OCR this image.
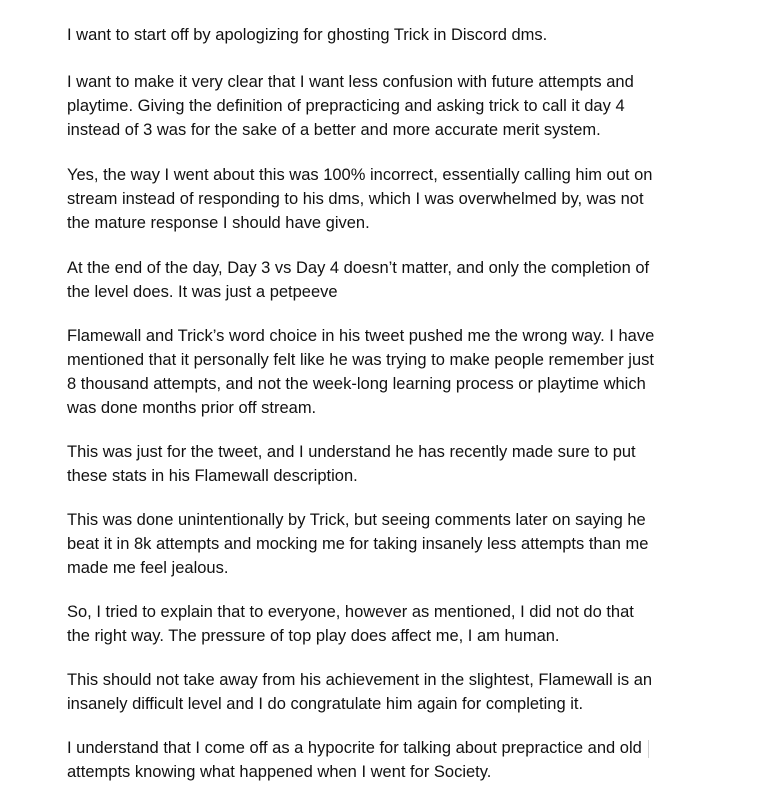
I want to start off by apologizing for ghosting Trick in Discord dms.

I want to make it very clear that I want less confusion with future attempts and
playtime. Giving the definition of prepracticing and asking trick to call it day 4
instead of 3 was for the sake of a better and more accurate merit system.

Yes, the way I went about this was 100% incorrect, essentially calling him out on
stream instead of responding to his dms, which I was overwhelmed by, was not
the mature response I should have given.

At the end of the day, Day 3 vs Day 4 doesn’t matter, and only the completion of
the level does. It was just a petpeeve

Flamewall and Trick’s word choice in his tweet pushed me the wrong way. I have
mentioned that it personally felt like he was trying to make people remember just
8 thousand attempts, and not the week-long learning process or playtime which
was done months prior off stream.

This was just for the tweet, and I understand he has recently made sure to put
these stats in his Flamewall description.

This was done unintentionally by Trick, but seeing comments later on saying he
beat it in 8k attempts and mocking me for taking insanely less attempts than me
made me feel jealous.

So, I tried to explain that to everyone, however as mentioned, I did not do that
the right way. The pressure of top play does affect me, I am human.

This should not take away from his achievement in the slightest, Flamewall is an
insanely difficult level and I do congratulate him again for completing it.

I understand that I come off as a hypocrite for talking about prepractice and old
attempts knowing what happened when I went for Society.
